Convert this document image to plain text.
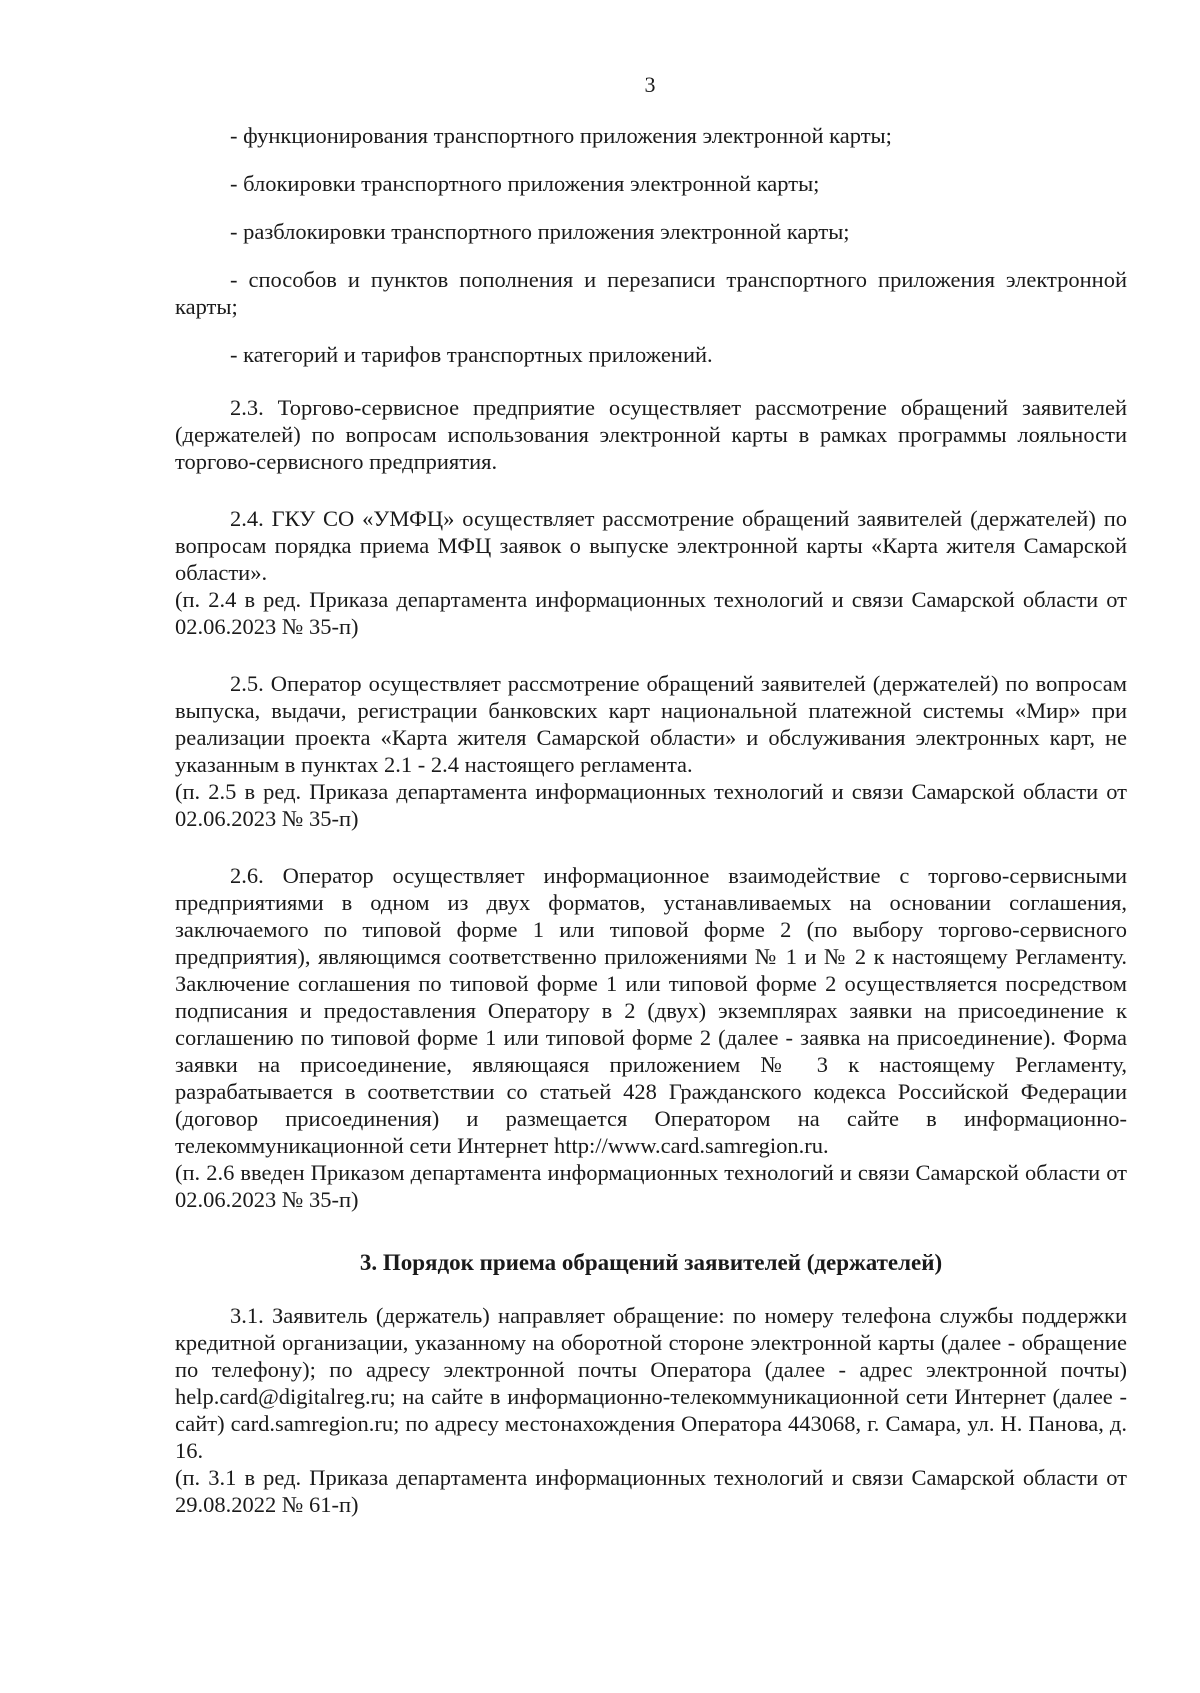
3

- функционирования транспортного приложения электронной карты;

- блокировки транспортного приложения электронной карты;

- разблокировки транспортного приложения электронной карты;

- способов и пунктов пополнения и перезаписи транспортного приложения электронной карты;

- категорий и тарифов транспортных приложений.

2.3. Торгово-сервисное предприятие осуществляет рассмотрение обращений заявителей (держателей) по вопросам использования электронной карты в рамках программы лояльности торгово-сервисного предприятия.

2.4. ГКУ СО «УМФЦ» осуществляет рассмотрение обращений заявителей (держателей) по вопросам порядка приема МФЦ заявок о выпуске электронной карты «Карта жителя Самарской области».

(п. 2.4 в ред. Приказа департамента информационных технологий и связи Самарской области от 02.06.2023 № 35-п)

2.5. Оператор осуществляет рассмотрение обращений заявителей (держателей) по вопросам выпуска, выдачи, регистрации банковских карт национальной платежной системы «Мир» при реализации проекта «Карта жителя Самарской области» и обслуживания электронных карт, не указанным в пунктах 2.1 - 2.4 настоящего регламента.

(п. 2.5 в ред. Приказа департамента информационных технологий и связи Самарской области от 02.06.2023 № 35-п)

2.6. Оператор осуществляет информационное взаимодействие с торгово-сервисными предприятиями в одном из двух форматов, устанавливаемых на основании соглашения, заключаемого по типовой форме 1 или типовой форме 2 (по выбору торгово-сервисного предприятия), являющимся соответственно приложениями № 1 и № 2 к настоящему Регламенту. Заключение соглашения по типовой форме 1 или типовой форме 2 осуществляется посредством подписания и предоставления Оператору в 2 (двух) экземплярах заявки на присоединение к соглашению по типовой форме 1 или типовой форме 2 (далее - заявка на присоединение). Форма заявки на присоединение, являющаяся приложением № 3 к настоящему Регламенту, разрабатывается в соответствии со статьей 428 Гражданского кодекса Российской Федерации (договор присоединения) и размещается Оператором на сайте в информационно-телекоммуникационной сети Интернет http://www.card.samregion.ru.

(п. 2.6 введен Приказом департамента информационных технологий и связи Самарской области от 02.06.2023 № 35-п)

3. Порядок приема обращений заявителей (держателей)

3.1. Заявитель (держатель) направляет обращение: по номеру телефона службы поддержки кредитной организации, указанному на оборотной стороне электронной карты (далее - обращение по телефону); по адресу электронной почты Оператора (далее - адрес электронной почты) help.card@digitalreg.ru; на сайте в информационно-телекоммуникационной сети Интернет (далее - сайт) card.samregion.ru; по адресу местонахождения Оператора 443068, г. Самара, ул. Н. Панова, д. 16.

(п. 3.1 в ред. Приказа департамента информационных технологий и связи Самарской области от 29.08.2022 № 61-п)
